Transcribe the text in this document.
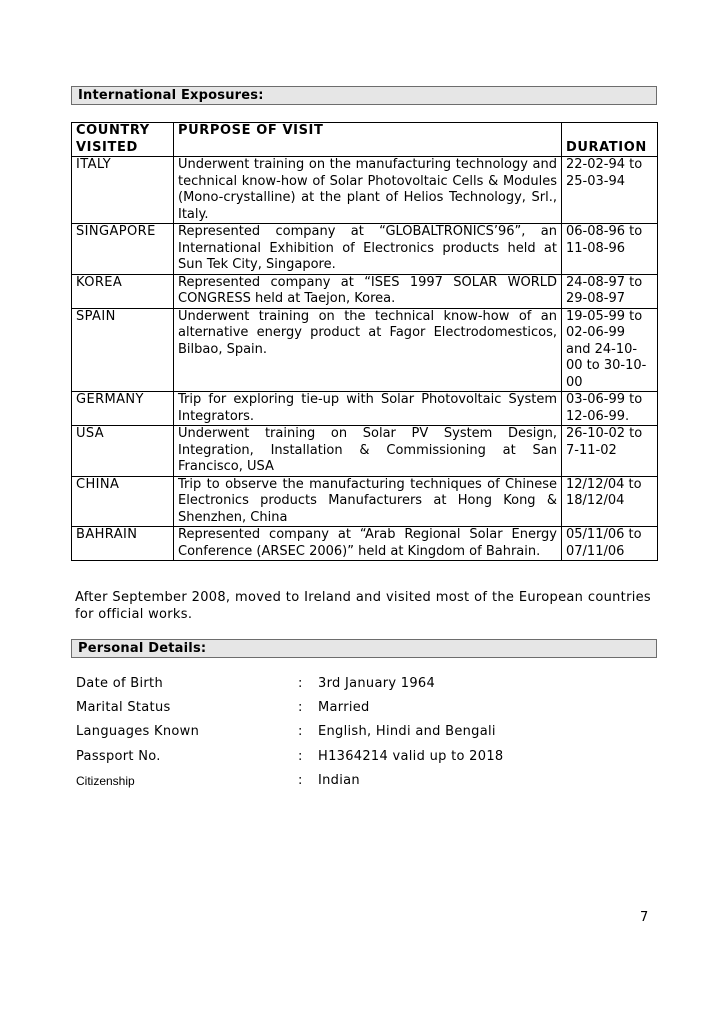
International Exposures:
COUNTRY
VISITED	PURPOSE OF VISIT	DURATION
ITALY	Underwent training on the manufacturing technology and technical know-how of Solar Photovoltaic Cells & Modules (Mono-crystalline) at the plant of Helios Technology, Srl., Italy.	22-02-94 to 25-03-94
SINGAPORE	Represented company at “GLOBALTRONICS’96”, an International Exhibition of Electronics products held at Sun Tek City, Singapore.	06-08-96 to 11-08-96
KOREA	Represented company at “ISES 1997 SOLAR WORLD CONGRESS held at Taejon, Korea.	24-08-97 to 29-08-97
SPAIN	Underwent training on the technical know-how of an alternative energy product at Fagor Electrodomesticos, Bilbao, Spain.	19-05-99 to 02-06-99 and 24-10-00 to 30-10-00
GERMANY	Trip for exploring tie-up with Solar Photovoltaic System Integrators.	03-06-99 to 12-06-99.
USA	Underwent training on Solar PV System Design, Integration, Installation & Commissioning at San Francisco, USA	26-10-02 to 7-11-02
CHINA	Trip to observe the manufacturing techniques of Chinese Electronics products Manufacturers at Hong Kong & Shenzhen, China	12/12/04 to 18/12/04
BAHRAIN	Represented company at “Arab Regional Solar Energy Conference (ARSEC 2006)” held at Kingdom of Bahrain.	05/11/06 to 07/11/06
After September 2008, moved to Ireland and visited most of the European countries for official works.
Personal Details:
Date of Birth	: 3rd January 1964
Marital Status	: Married
Languages Known	: English, Hindi and Bengali
Passport No.	: H1364214 valid up to 2018
Citizenship	: Indian
7
